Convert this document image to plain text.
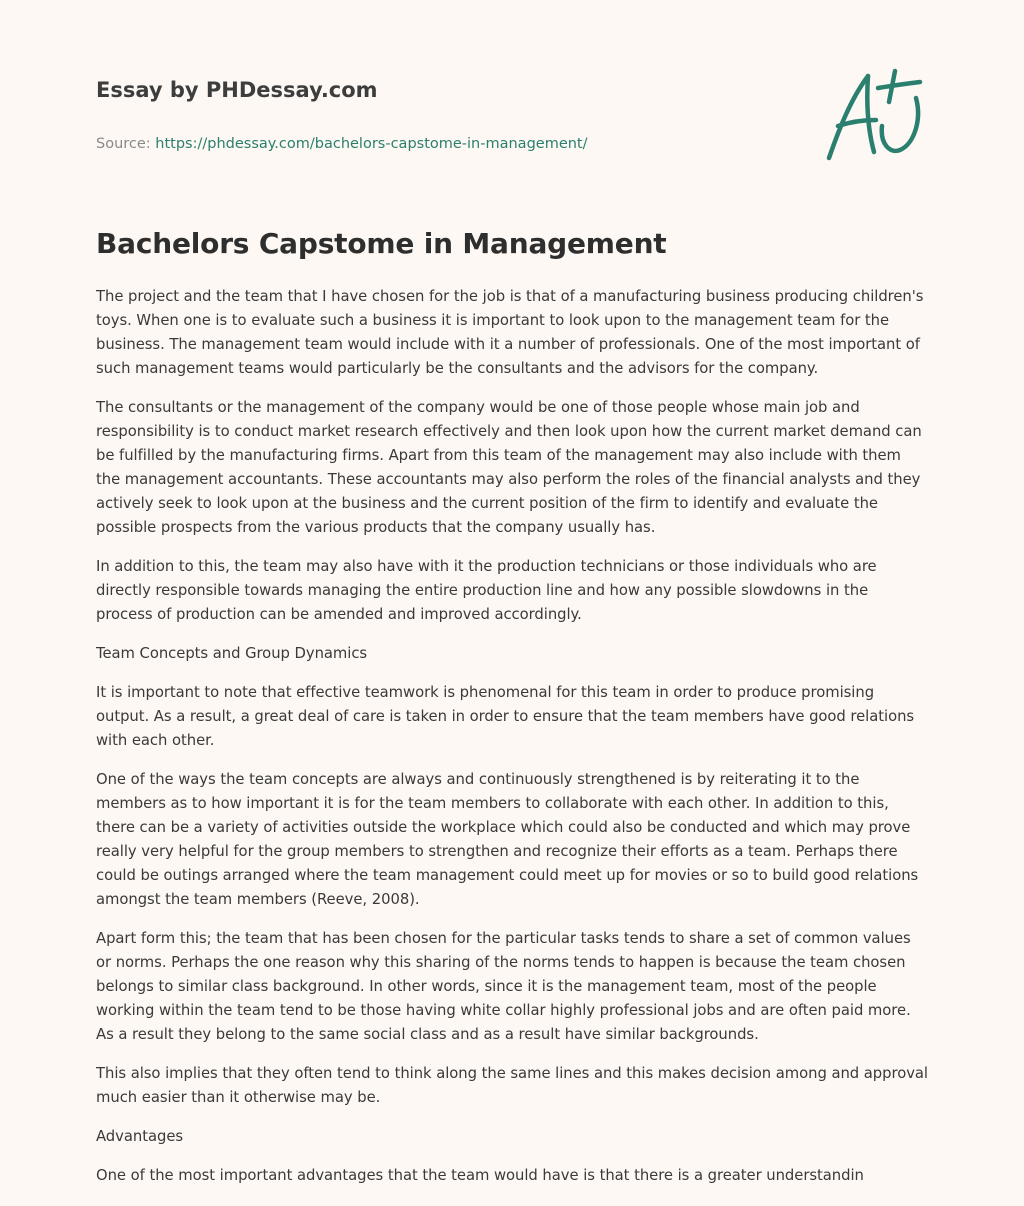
Essay by PHDessay.com

Source: https://phdessay.com/bachelors-capstome-in-management/
Bachelors Capstome in Management

The project and the team that I have chosen for the job is that of a manufacturing business producing children's toys. When one is to evaluate such a business it is important to look upon to the management team for the business. The management team would include with it a number of professionals. One of the most important of such management teams would particularly be the consultants and the advisors for the company.

The consultants or the management of the company would be one of those people whose main job and responsibility is to conduct market research effectively and then look upon how the current market demand can be fulfilled by the manufacturing firms. Apart from this team of the management may also include with them the management accountants. These accountants may also perform the roles of the financial analysts and they actively seek to look upon at the business and the current position of the firm to identify and evaluate the possible prospects from the various products that the company usually has.

In addition to this, the team may also have with it the production technicians or those individuals who are directly responsible towards managing the entire production line and how any possible slowdowns in the process of production can be amended and improved accordingly.

Team Concepts and Group Dynamics

It is important to note that effective teamwork is phenomenal for this team in order to produce promising output. As a result, a great deal of care is taken in order to ensure that the team members have good relations with each other.

One of the ways the team concepts are always and continuously strengthened is by reiterating it to the members as to how important it is for the team members to collaborate with each other. In addition to this, there can be a variety of activities outside the workplace which could also be conducted and which may prove really very helpful for the group members to strengthen and recognize their efforts as a team. Perhaps there could be outings arranged where the team management could meet up for movies or so to build good relations amongst the team members (Reeve, 2008).

Apart form this; the team that has been chosen for the particular tasks tends to share a set of common values or norms. Perhaps the one reason why this sharing of the norms tends to happen is because the team chosen belongs to similar class background. In other words, since it is the management team, most of the people working within the team tend to be those having white collar highly professional jobs and are often paid more. As a result they belong to the same social class and as a result have similar backgrounds.

This also implies that they often tend to think along the same lines and this makes decision among and approval much easier than it otherwise may be.

Advantages

One of the most important advantages that the team would have is that there is a greater understandin
